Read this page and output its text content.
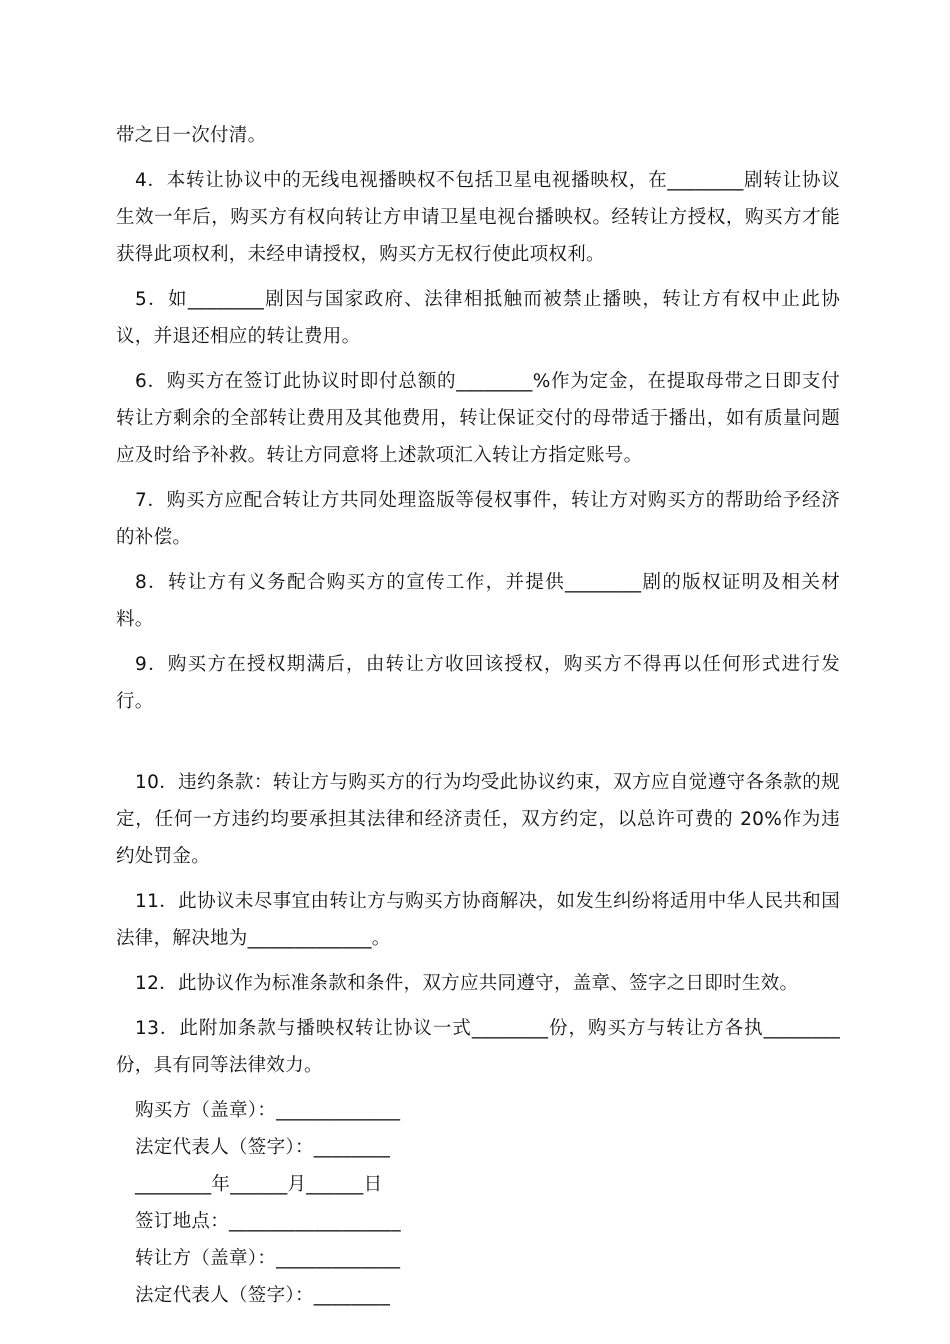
带之日一次付清。

4．本转让协议中的无线电视播映权不包括卫星电视播映权，在________剧转让协议生效一年后，购买方有权向转让方申请卫星电视台播映权。经转让方授权，购买方才能获得此项权利，未经申请授权，购买方无权行使此项权利。

5．如________剧因与国家政府、法律相抵触而被禁止播映，转让方有权中止此协议，并退还相应的转让费用。

6．购买方在签订此协议时即付总额的________%作为定金，在提取母带之日即支付转让方剩余的全部转让费用及其他费用，转让保证交付的母带适于播出，如有质量问题应及时给予补救。转让方同意将上述款项汇入转让方指定账号。

7．购买方应配合转让方共同处理盗版等侵权事件，转让方对购买方的帮助给予经济的补偿。

8．转让方有义务配合购买方的宣传工作，并提供________剧的版权证明及相关材料。

9．购买方在授权期满后，由转让方收回该授权，购买方不得再以任何形式进行发行。

10．违约条款：转让方与购买方的行为均受此协议约束，双方应自觉遵守各条款的规定，任何一方违约均要承担其法律和经济责任，双方约定，以总许可费的 20%作为违约处罚金。

11．此协议未尽事宜由转让方与购买方协商解决，如发生纠纷将适用中华人民共和国法律，解决地为_____________。

12．此协议作为标准条款和条件，双方应共同遵守，盖章、签字之日即时生效。

13．此附加条款与播映权转让协议一式________份，购买方与转让方各执________份，具有同等法律效力。

购买方（盖章）：_____________

法定代表人（签字）：________

________年______月______日

签订地点：__________________

转让方（盖章）：_____________

法定代表人（签字）：________
